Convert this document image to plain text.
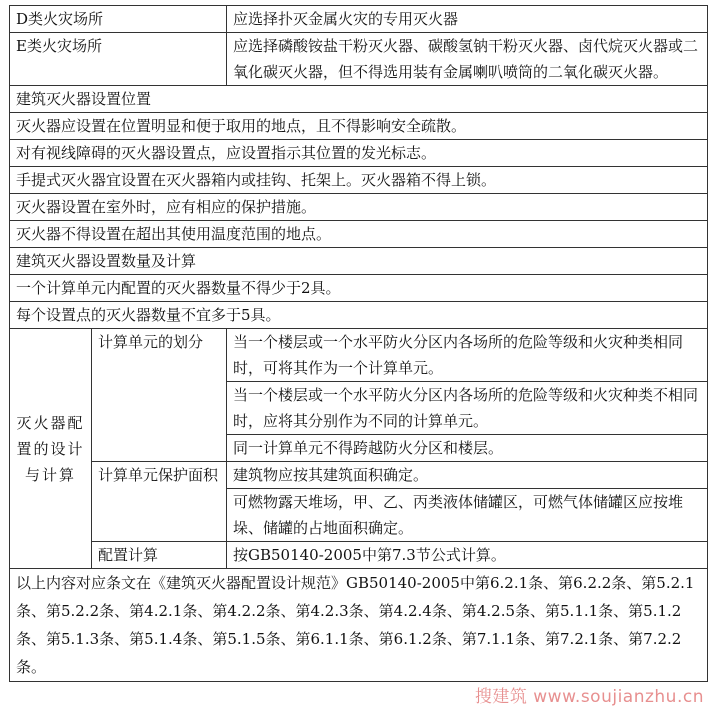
D类火灾场所		应选择扑灭金属火灾的专用灭火器
E类火灾场所		应选择磷酸铵盐干粉灭火器、碳酸氢钠干粉灭火器、卤代烷灭火器或二氧化碳灭火器，但不得选用装有金属喇叭喷筒的二氧化碳灭火器。
建筑灭火器设置位置		
灭火器应设置在位置明显和便于取用的地点，且不得影响安全疏散。		
对有视线障碍的灭火器设置点，应设置指示其位置的发光标志。		
手提式灭火器宜设置在灭火器箱内或挂钩、托架上。灭火器箱不得上锁。		
灭火器设置在室外时，应有相应的保护措施。		
灭火器不得设置在超出其使用温度范围的地点。		
建筑灭火器设置数量及计算		
一个计算单元内配置的灭火器数量不得少于2具。		
每个设置点的灭火器数量不宜多于5具。		
灭火器配置的设计与计算	计算单元的划分	当一个楼层或一个水平防火分区内各场所的危险等级和火灾种类相同时，可将其作为一个计算单元。
		当一个楼层或一个水平防火分区内各场所的危险等级和火灾种类不相同时，应将其分别作为不同的计算单元。
		同一计算单元不得跨越防火分区和楼层。
	计算单元保护面积	建筑物应按其建筑面积确定。
		可燃物露天堆场，甲、乙、丙类液体储罐区，可燃气体储罐区应按堆垛、储罐的占地面积确定。
	配置计算	按GB50140-2005中第7.3节公式计算。
以上内容对应条文在《建筑灭火器配置设计规范》GB50140-2005中第6.2.1条、第6.2.2条、第5.2.1条、第5.2.2条、第4.2.1条、第4.2.2条、第4.2.3条、第4.2.4条、第4.2.5条、第5.1.1条、第5.1.2条、第5.1.3条、第5.1.4条、第5.1.5条、第6.1.1条、第6.1.2条、第7.1.1条、第7.2.1条、第7.2.2条。		
搜建筑 www.soujianzhu.cn
